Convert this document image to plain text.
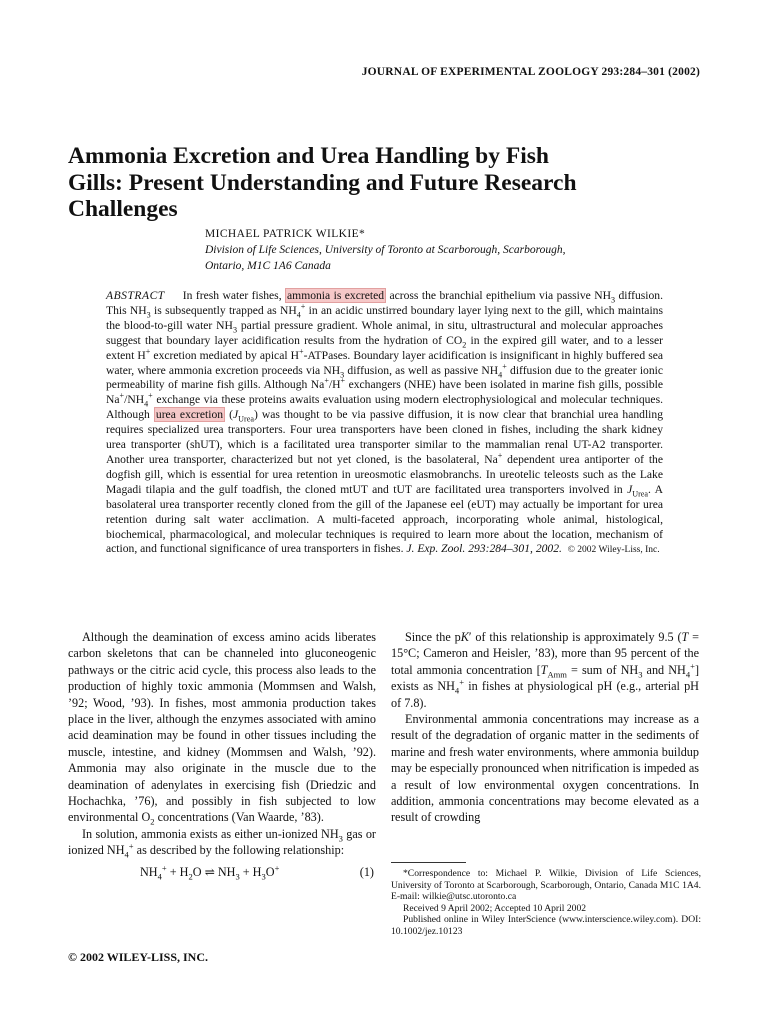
JOURNAL OF EXPERIMENTAL ZOOLOGY 293:284–301 (2002)
Ammonia Excretion and Urea Handling by Fish Gills: Present Understanding and Future Research Challenges
MICHAEL PATRICK WILKIE*
Division of Life Sciences, University of Toronto at Scarborough, Scarborough,
Ontario, M1C 1A6 Canada

ABSTRACT In fresh water fishes, ammonia is excreted across the branchial epithelium via passive $NH_3$ diffusion. This $NH_3$ is subsequently trapped as $NH_4^+$ in an acidic unstirred boundary layer lying next to the gill, which maintains the blood-to-gill water $NH_3$ partial pressure gradient. Whole animal, in situ, ultrastructural and molecular approaches suggest that boundary layer acidification results from the hydration of $CO_2$ in the expired gill water, and to a lesser extent H+ excretion mediated by apical H+-ATPases. Boundary layer acidification is insignificant in highly buffered sea water, where ammonia excretion proceeds via $NH_3$ diffusion, as well as passive $NH_4^+$ diffusion due to the greater ionic permeability of marine fish gills. Although Na+/H+ exchangers (NHE) have been isolated in marine fish gills, possible $Na^+/NH_4^+$ exchange via these proteins awaits evaluation using modern electrophysiological and molecular techniques. Although urea excretion $(J_{Urea})$ was thought to be via passive diffusion, it is now clear that branchial urea handling requires specialized urea transporters. Four urea transporters have been cloned in fishes, including the shark kidney urea transporter (shUT), which is a facilitated urea transporter similar to the mammalian renal UT-A2 transporter. Another urea transporter, characterized but not yet cloned, is the basolateral, Na+ dependent urea antiporter of the dogfish gill, which is essential for urea retention in ureosmotic elasmobranchs. In ureotelic teleosts such as the Lake Magadi tilapia and the gulf toadfish, the cloned mtUT and tUT are facilitated urea transporters involved in $J_{Urea}$. A basolateral urea transporter recently cloned from the gill of the Japanese eel (eUT) may actually be important for urea retention during salt water acclimation. A multi-faceted approach, incorporating whole animal, histological, biochemical, pharmacological, and molecular techniques is required to learn more about the location, mechanism of action, and functional significance of urea transporters in fishes. J. Exp. Zool. 293:284–301, 2002. © 2002 Wiley-Liss, Inc.

Although the deamination of excess amino acids liberates carbon skeletons that can be channeled into gluconeogenic pathways or the citric acid cycle, this process also leads to the production of highly toxic ammonia (Mommsen and Walsh, ’92; Wood, ’93). In fishes, most ammonia production takes place in the liver, although the enzymes associated with amino acid deamination may be found in other tissues including the muscle, intestine, and kidney (Mommsen and Walsh, ’92). Ammonia may also originate in the muscle due to the deamination of adenylates in exercising fish (Driedzic and Hochachka, ’76), and possibly in fish subjected to low environmental $O_2$ concentrations (Van Waarde, ’83).

In solution, ammonia exists as either un-ionized $NH_3$ gas or ionized $NH_4^+$ as described by the following relationship:

$NH_4^+ + H_2O$ ⇌ $NH_3 + H_3O^+$	(1)

Since the pK′ of this relationship is approximately 9.5 (T = 15°C; Cameron and Heisler, ’83), more than 95 percent of the total ammonia concentration [$T_{Amm}$ = sum of $NH_3$ and $NH_4^+$] exists as $NH_4^+$ in fishes at physiological pH (e.g., arterial pH of 7.8).

Environmental ammonia concentrations may increase as a result of the degradation of organic matter in the sediments of marine and fresh water environments, where ammonia buildup may be especially pronounced when nitrification is impeded as a result of low environmental oxygen concentrations. In addition, ammonia concentrations may become elevated as a result of crowding

*Correspondence to: Michael P. Wilkie, Division of Life Sciences, University of Toronto at Scarborough, Scarborough, Ontario, Canada M1C 1A4. E-mail: wilkie@utsc.utoronto.ca

Received 9 April 2002; Accepted 10 April 2002

Published online in Wiley InterScience (www.interscience.wiley.com). DOI: 10.1002/jez.10123

© 2002 WILEY-LISS, INC.
